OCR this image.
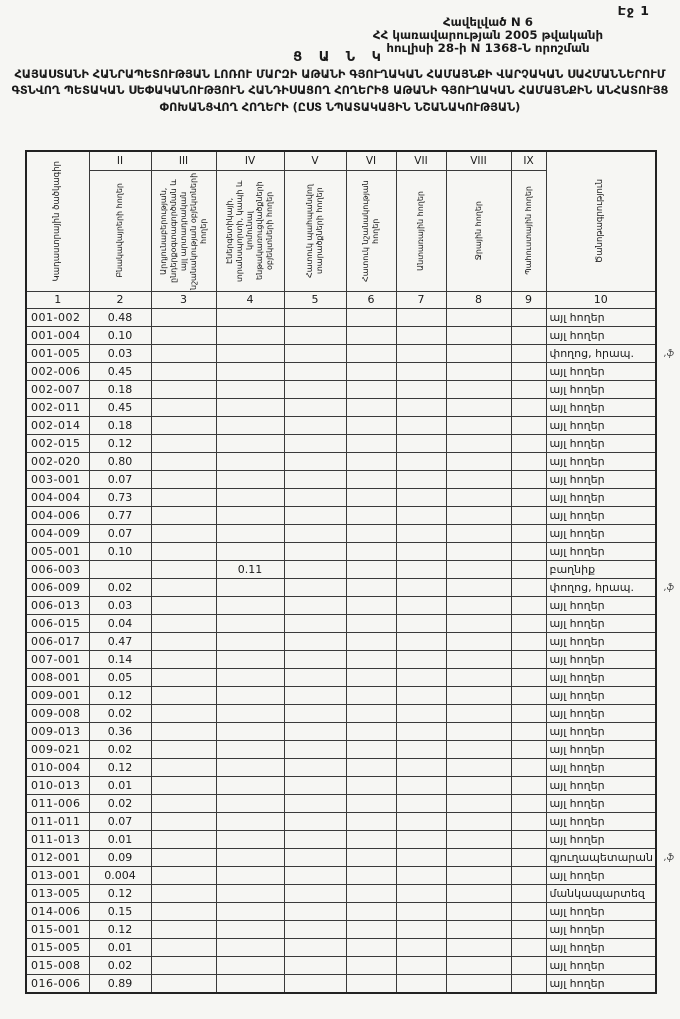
Էջ 1
Հավելված N 6
ՀՀ կառավարության 2005 թվականի
հուլիսի 28-ի N 1368-Ն որոշման
Ց Ա Ն Կ
ՀԱՅԱՍՏԱՆԻ ՀԱՆՐԱՊԵՏՈՒԹՅԱՆ ԼՈՌՈՒ ՄԱՐԶԻ ԱԹԱՆԻ ԳՅՈՒՂԱԿԱՆ ՀԱՄԱՅՆՔԻ ՎԱՐՉԱԿԱՆ ՍԱՀՄԱՆՆԵՐՈՒՄ ԳՏՆՎՈՂ ՊԵՏԱԿԱՆ ՍԵՓԱԿԱՆՈՒԹՅՈՒՆ ՀԱՆԴԻՍԱՑՈՂ ՀՈՂԵՐԻՑ ԱԹԱՆԻ ԳՅՈՒՂԱԿԱՆ ՀԱՄԱՅՆՔԻՆ ԱՆՀԱՏՈՒՅՑ ՓՈԽԱՆՑՎՈՂ ՀՈՂԵՐԻ (ԸՍՏ ՆՊԱՏԱԿԱՅԻՆ ՆՇԱՆԱԿՈՒԹՅԱՆ)
Կադաստրային ծածկագիր	II	III	IV	V	VI	VII	VIII	IX	Ծանոթագրություն

	Բնակավայրերի հողեր	Արդյունաբերության, ընդերքօգտագործման և այլ արտադրական նշանակության օբյեկտների հողեր	Էներգետիկայի, տրանսպորտի, կապի և կոմունալ ենթակառուցվածքների օբյեկտների հողեր	Հատուկ պահպանվող տարածքների հողեր	Հատուկ նշանակության հողեր	Անտառային հողեր	Ջրային հողեր	Պահուստային հողեր	

1	2	3	4	5	6	7	8	9	10
001-002	0.48								այլ հողեր
001-004	0.10								այլ հողեր
001-005	0.03								փողոց, հրապ. ,ֆ

002-006	0.45								այլ հողեր
002-007	0.18								այլ հողեր
002-011	0.45								այլ հողեր
002-014	0.18								այլ հողեր
002-015	0.12								այլ հողեր
002-020	0.80								այլ հողեր
003-001	0.07								այլ հողեր
004-004	0.73								այլ հողեր
004-006	0.77								այլ հողեր
004-009	0.07								այլ հողեր
005-001	0.10								այլ հողեր
006-003			0.11						բաղնիք
006-009	0.02								փողոց, հրապ. ,ֆ

006-013	0.03								այլ հողեր
006-015	0.04								այլ հողեր
006-017	0.47								այլ հողեր
007-001	0.14								այլ հողեր
008-001	0.05								այլ հողեր
009-001	0.12								այլ հողեր
009-008	0.02								այլ հողեր
009-013	0.36								այլ հողեր
009-021	0.02								այլ հողեր
010-004	0.12								այլ հողեր
010-013	0.01								այլ հողեր
011-006	0.02								այլ հողեր
011-011	0.07								այլ հողեր
011-013	0.01								այլ հողեր
012-001	0.09								գյուղապետարան ,ֆ

013-001	0.004								այլ հողեր
013-005	0.12								մանկապարտեզ
014-006	0.15								այլ հողեր
015-001	0.12								այլ հողեր
015-005	0.01								այլ հողեր
015-008	0.02								այլ հողեր
016-006	0.89								այլ հողեր
